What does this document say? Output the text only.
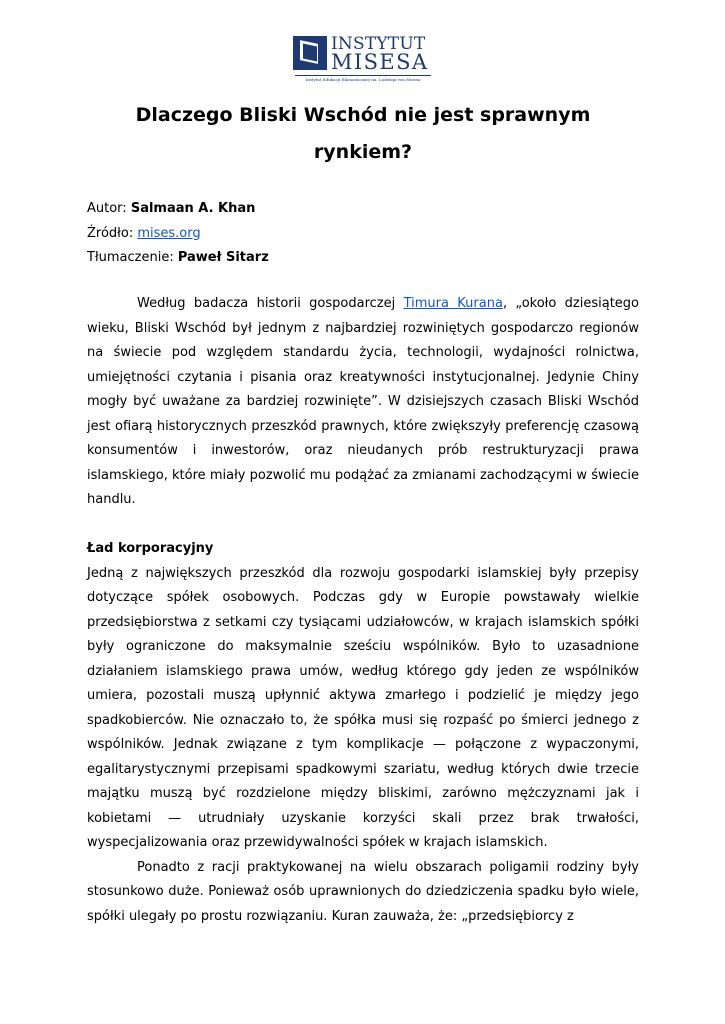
INSTYTUT
MISESA
Instytut Edukacji Ekonomicznej im. Ludwiga von Misesa
Dlaczego Bliski Wschód nie jest sprawnym rynkiem?
Autor: Salmaan A. Khan
Źródło: mises.org
Tłumaczenie: Paweł Sitarz

Według badacza historii gospodarczej Timura Kurana, „około dziesiątego wieku, Bliski Wschód był jednym z najbardziej rozwiniętych gospodarczo regionów na świecie pod względem standardu życia, technologii, wydajności rolnictwa, umiejętności czytania i pisania oraz kreatywności instytucjonalnej. Jedynie Chiny mogły być uważane za bardziej rozwinięte”. W dzisiejszych czasach Bliski Wschód jest ofiarą historycznych przeszkód prawnych, które zwiększyły preferencję czasową konsumentów i inwestorów, oraz nieudanych prób restrukturyzacji prawa islamskiego, które miały pozwolić mu podążać za zmianami zachodzącymi w świecie handlu.

Ład korporacyjny

Jedną z największych przeszkód dla rozwoju gospodarki islamskiej były przepisy dotyczące spółek osobowych. Podczas gdy w Europie powstawały wielkie przedsiębiorstwa z setkami czy tysiącami udziałowców, w krajach islamskich spółki były ograniczone do maksymalnie sześciu wspólników. Było to uzasadnione działaniem islamskiego prawa umów, według którego gdy jeden ze wspólników umiera, pozostali muszą upłynnić aktywa zmarłego i podzielić je między jego spadkobierców. Nie oznaczało to, że spółka musi się rozpaść po śmierci jednego z wspólników. Jednak związane z tym komplikacje — połączone z wypaczonymi, egalitarystycznymi przepisami spadkowymi szariatu, według których dwie trzecie majątku muszą być rozdzielone między bliskimi, zarówno mężczyznami jak i kobietami — utrudniały uzyskanie korzyści skali przez brak trwałości, wyspecjalizowania oraz przewidywalności spółek w krajach islamskich.

Ponadto z racji praktykowanej na wielu obszarach poligamii rodziny były stosunkowo duże. Ponieważ osób uprawnionych do dziedziczenia spadku było wiele, spółki ulegały po prostu rozwiązaniu. Kuran zauważa, że: „przedsiębiorcy z
